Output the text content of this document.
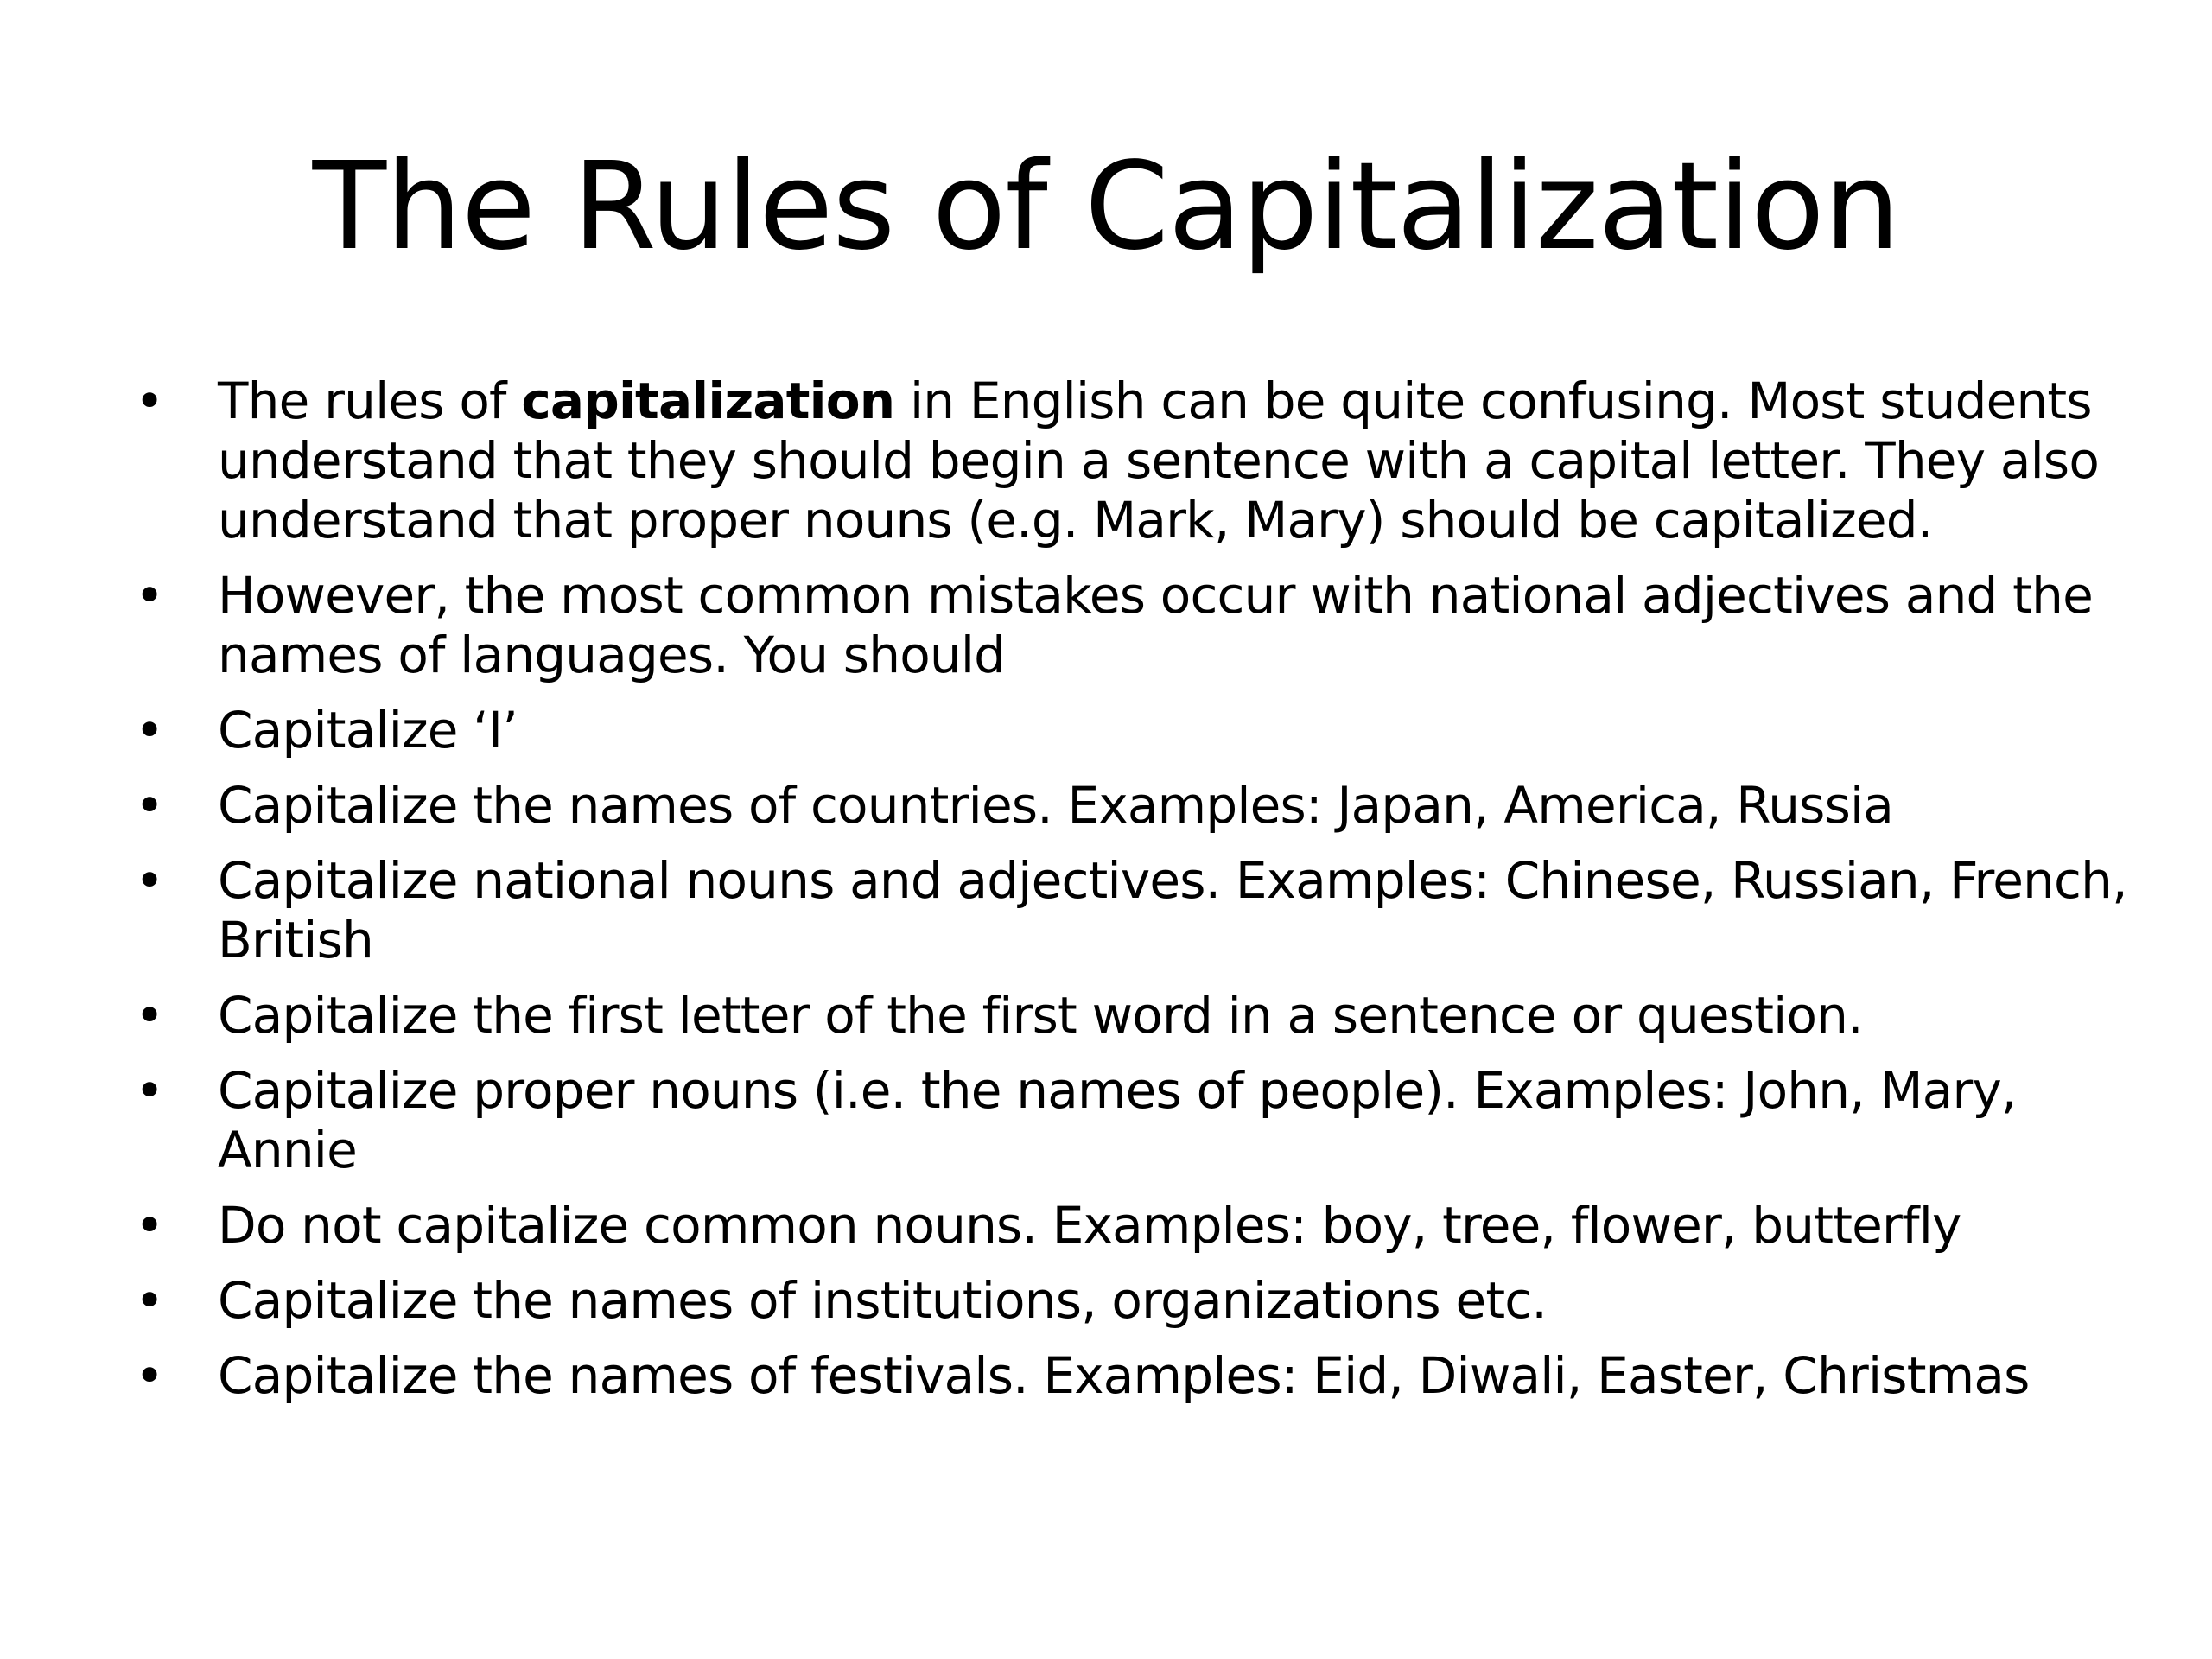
The Rules of Capitalization
• The rules of capitalization in English can be quite confusing. Most students understand that they should begin a sentence with a capital letter. They also understand that proper nouns (e.g. Mark, Mary) should be capitalized.
• However, the most common mistakes occur with national adjectives and the names of languages. You should
• Capitalize ‘I’
• Capitalize the names of countries. Examples: Japan, America, Russia
• Capitalize national nouns and adjectives. Examples: Chinese, Russian, French, British
• Capitalize the first letter of the first word in a sentence or question.
• Capitalize proper nouns (i.e. the names of people). Examples: John, Mary, Annie
• Do not capitalize common nouns. Examples: boy, tree, flower, butterfly
• Capitalize the names of institutions, organizations etc.
• Capitalize the names of festivals. Examples: Eid, Diwali, Easter, Christmas
